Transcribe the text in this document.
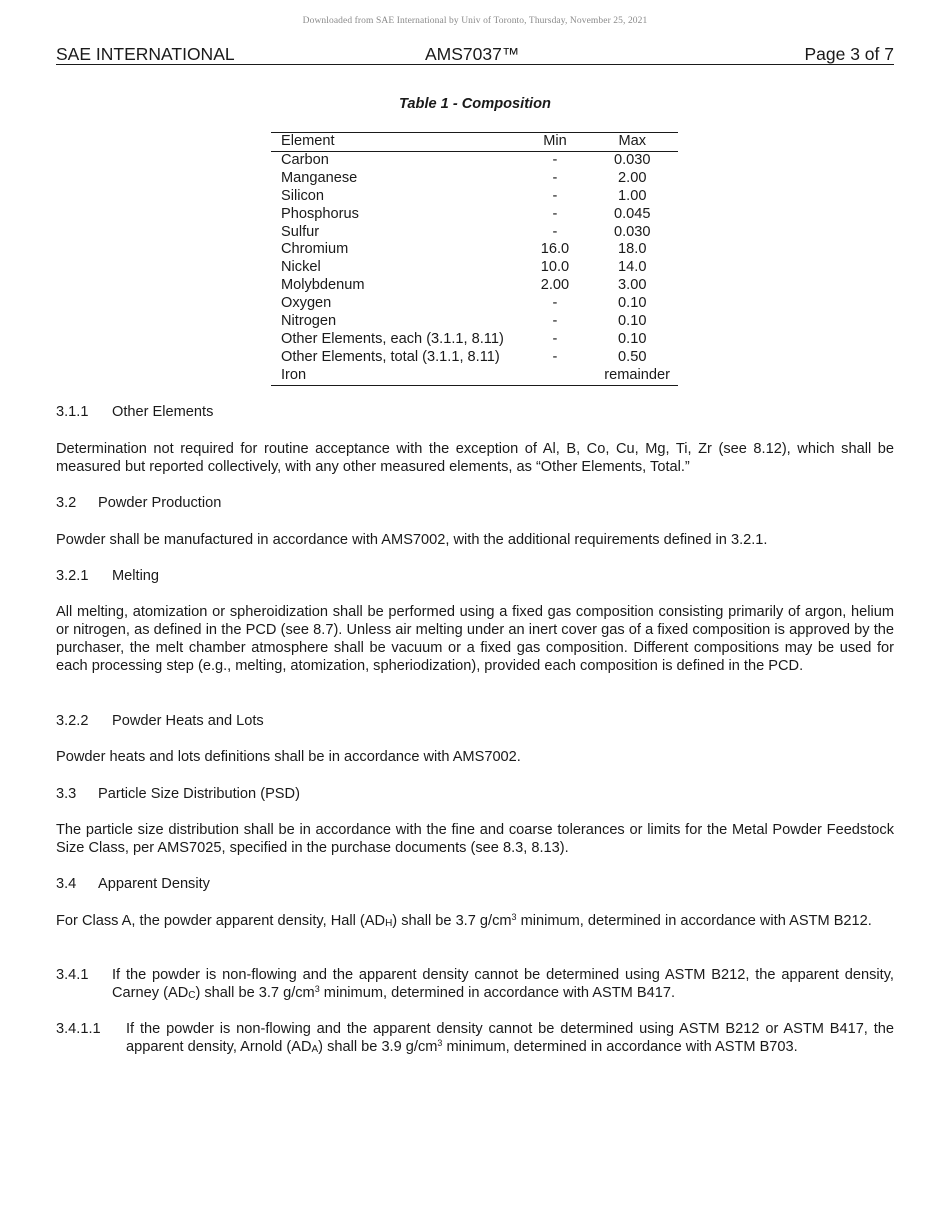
Downloaded from SAE International by Univ of Toronto, Thursday, November 25, 2021
SAE INTERNATIONAL	AMS7037™	Page 3 of 7
Table 1 - Composition
Element	Min	Max
Carbon	-	0.030
Manganese	-	2.00
Silicon	-	1.00
Phosphorus	-	0.045
Sulfur	-	0.030
Chromium	16.0	18.0
Nickel	10.0	14.0
Molybdenum	2.00	3.00
Oxygen	-	0.10
Nitrogen	-	0.10
Other Elements, each (3.1.1, 8.11)	-	0.10
Other Elements, total (3.1.1, 8.11)	-	0.50
Iron		remainder

3.1.1 Other Elements

Determination not required for routine acceptance with the exception of Al, B, Co, Cu, Mg, Ti, Zr (see 8.12), which shall be measured but reported collectively, with any other measured elements, as “Other Elements, Total.”

3.2 Powder Production

Powder shall be manufactured in accordance with AMS7002, with the additional requirements defined in 3.2.1.

3.2.1 Melting

All melting, atomization or spheroidization shall be performed using a fixed gas composition consisting primarily of argon, helium or nitrogen, as defined in the PCD (see 8.7). Unless air melting under an inert cover gas of a fixed composition is approved by the purchaser, the melt chamber atmosphere shall be vacuum or a fixed gas composition. Different compositions may be used for each processing step (e.g., melting, atomization, spheriodization), provided each composition is defined in the PCD.

3.2.2 Powder Heats and Lots

Powder heats and lots definitions shall be in accordance with AMS7002.

3.3 Particle Size Distribution (PSD)

The particle size distribution shall be in accordance with the fine and coarse tolerances or limits for the Metal Powder Feedstock Size Class, per AMS7025, specified in the purchase documents (see 8.3, 8.13).

3.4 Apparent Density

For Class A, the powder apparent density, Hall $(AD_H)$ shall be 3.7 $g/cm^3$ minimum, determined in accordance with ASTM B212.

3.4.1 If the powder is non-flowing and the apparent density cannot be determined using ASTM B212, the apparent density, Carney $(AD_C)$ shall be 3.7 $g/cm^3$ minimum, determined in accordance with ASTM B417.

3.4.1.1 If the powder is non-flowing and the apparent density cannot be determined using ASTM B212 or ASTM B417, the apparent density, Arnold $(AD_A)$ shall be 3.9 $g/cm^3$ minimum, determined in accordance with ASTM B703.
